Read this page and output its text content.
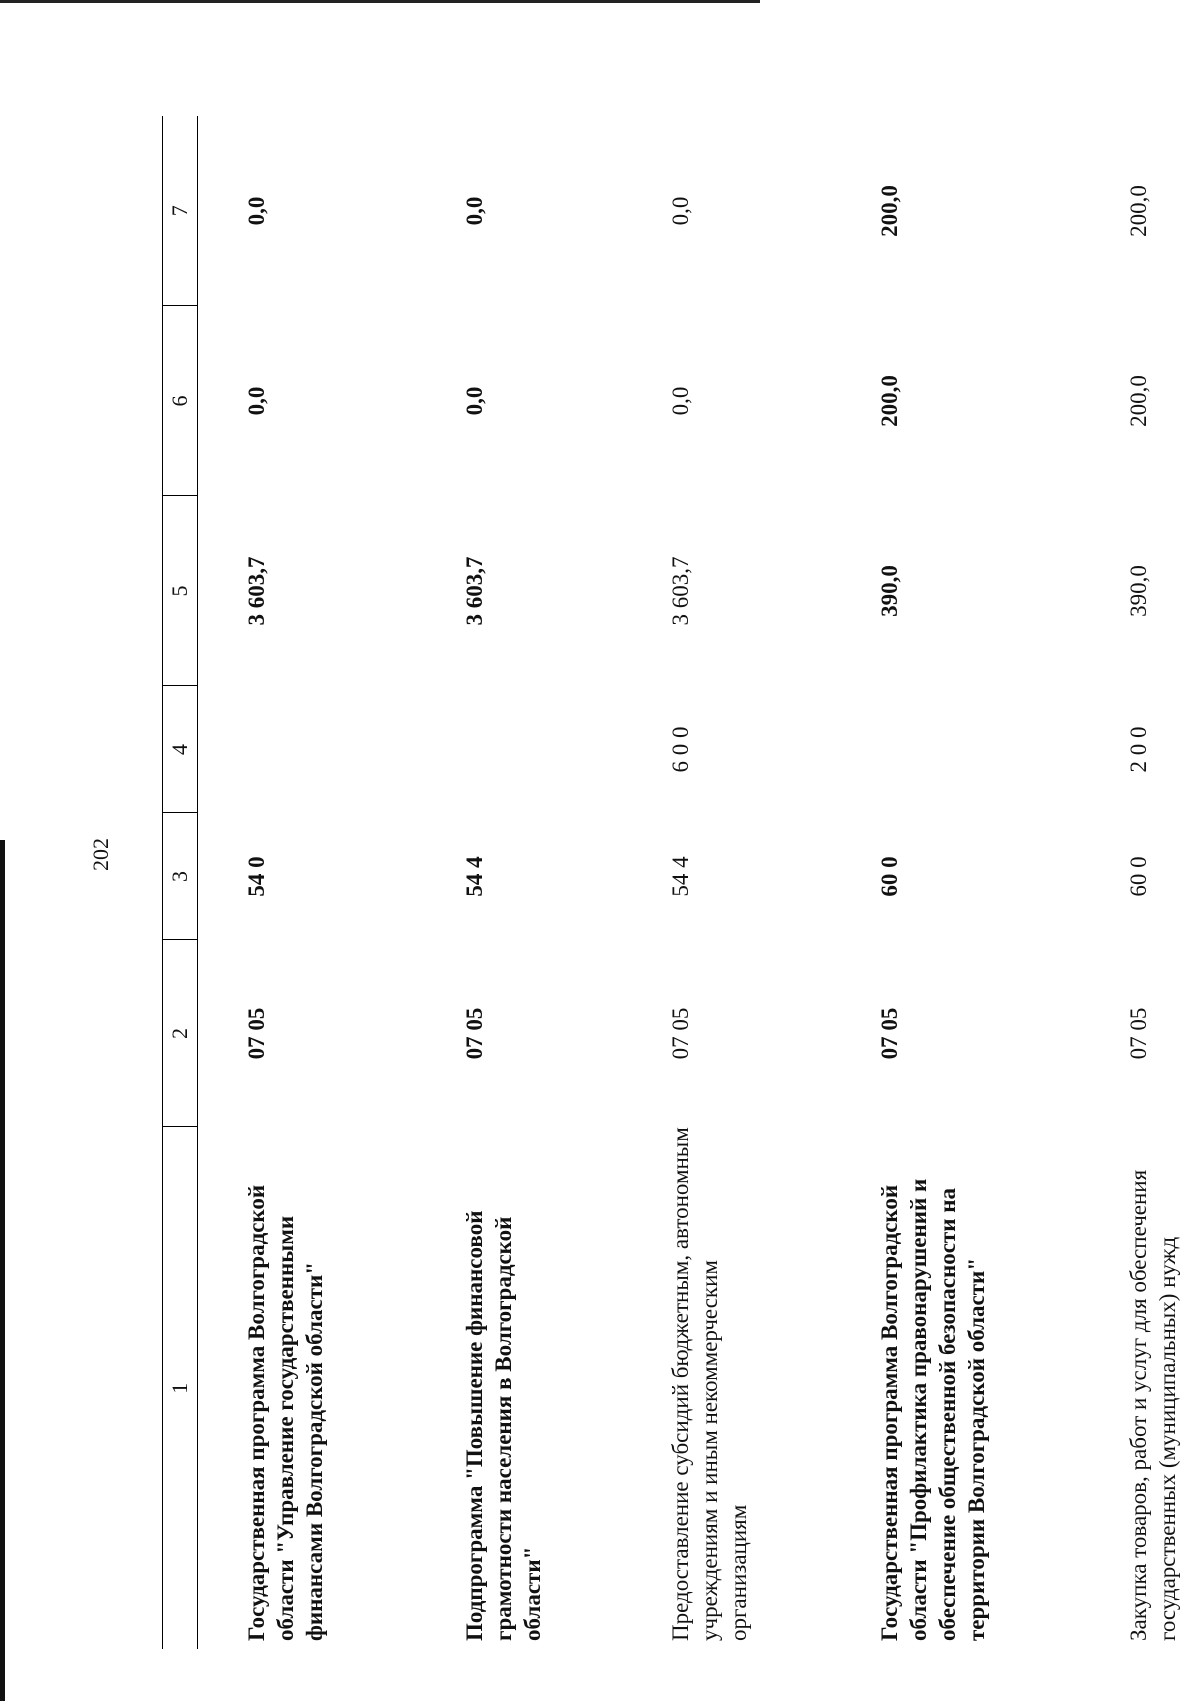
202
1	2	3	4	5	6	7
Государственная программа Волгоградской области "Управление государственными финансами Волгоградской области"	07 05	54 0		3 603,7	0,0	0,0
Подпрограмма "Повышение финансовой грамотности населения в Волгоградской области"	07 05	54 4		3 603,7	0,0	0,0
Предоставление субсидий бюджетным, автономным учреждениям и иным некоммерческим организациям	07 05	54 4	6 0 0	3 603,7	0,0	0,0
Государственная программа Волгоградской области "Профилактика правонарушений и обеспечение общественной безопасности на территории Волгоградской области"	07 05	60 0		390,0	200,0	200,0
Закупка товаров, работ и услуг для обеспечения государственных (муниципальных) нужд	07 05	60 0	2 0 0	390,0	200,0	200,0
